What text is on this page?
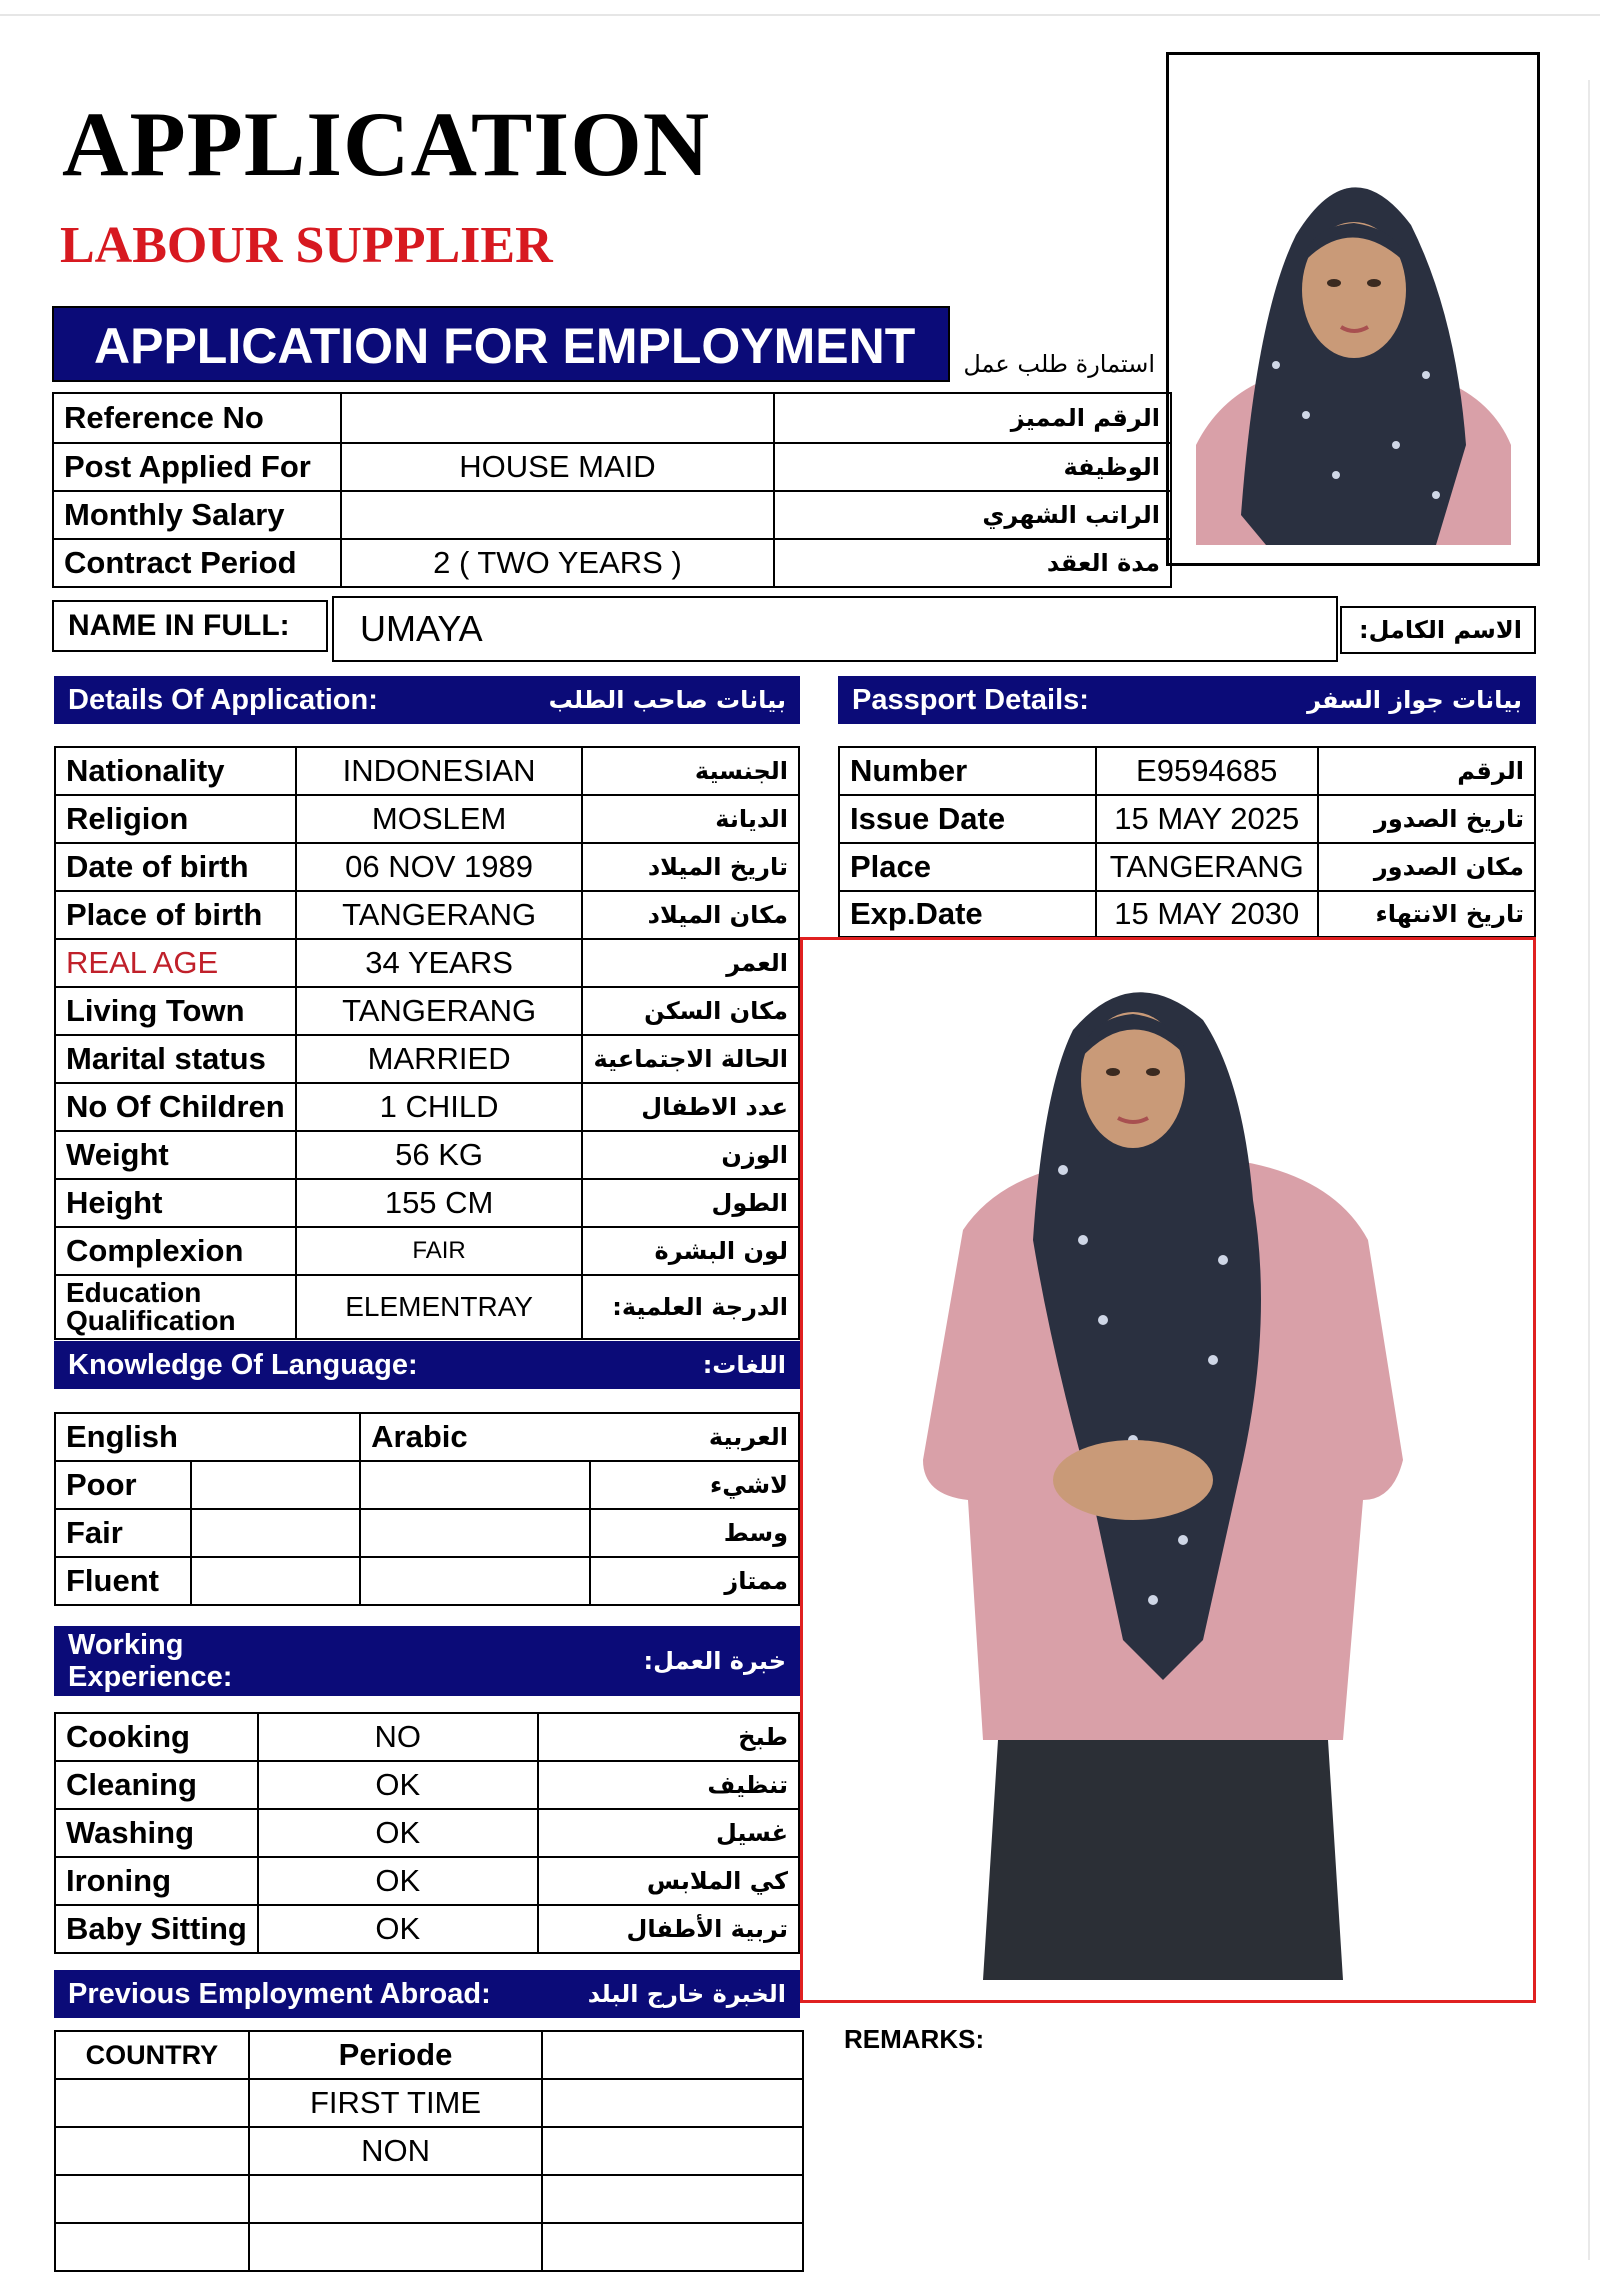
APPLICATION
LABOUR SUPPLIER
APPLICATION FOR EMPLOYMENT	استمارة طلب عمل
Reference No		الرقم المميز
Post Applied For	HOUSE MAID	الوظيفة
Monthly Salary		الراتب الشهري
Contract Period	2 ( TWO YEARS )	مدة العقد
NAME IN FULL:	UMAYA	الاسم الكامل:
Details Of Application:	بيانات صاحب الطلب Passport Details:	بيانات جواز السفر
Nationality	INDONESIAN	الجنسية
Religion	MOSLEM	الديانة
Date of birth	06 NOV 1989	تاريخ الميلاد
Place of birth	TANGERANG	مكان الميلاد
REAL AGE	34 YEARS	العمر
Living Town	TANGERANG	مكان السكن
Marital status	MARRIED	الحالة الاجتماعية
No Of Children	1 CHILD	عدد الاطفال
Weight	56 KG	الوزن
Height	155 CM	الطول
Complexion	FAIR	لون البشرة
Education Qualification	ELEMENTRAY	الدرجة العلمية:
Number	E9594685	الرقم
Issue Date	15 MAY 2025	تاريخ الصدور
Place	TANGERANG	مكان الصدور
Exp.Date	15 MAY 2030	تاريخ الانتهاء
Knowledge Of Language:	اللغات:
English		Arabic	العربية
Poor			لاشيء
Fair			وسط
Fluent			ممتاز
Working
Experience:	خبرة العمل:
Cooking	NO	طبخ
Cleaning	OK	تنظيف
Washing	OK	غسيل
Ironing	OK	كي الملابس
Baby Sitting	OK	تربية الأطفال
Previous Employment Abroad:	الخبرة خارج البلد
COUNTRY	Periode	
	FIRST TIME	
	NON	

REMARKS:
